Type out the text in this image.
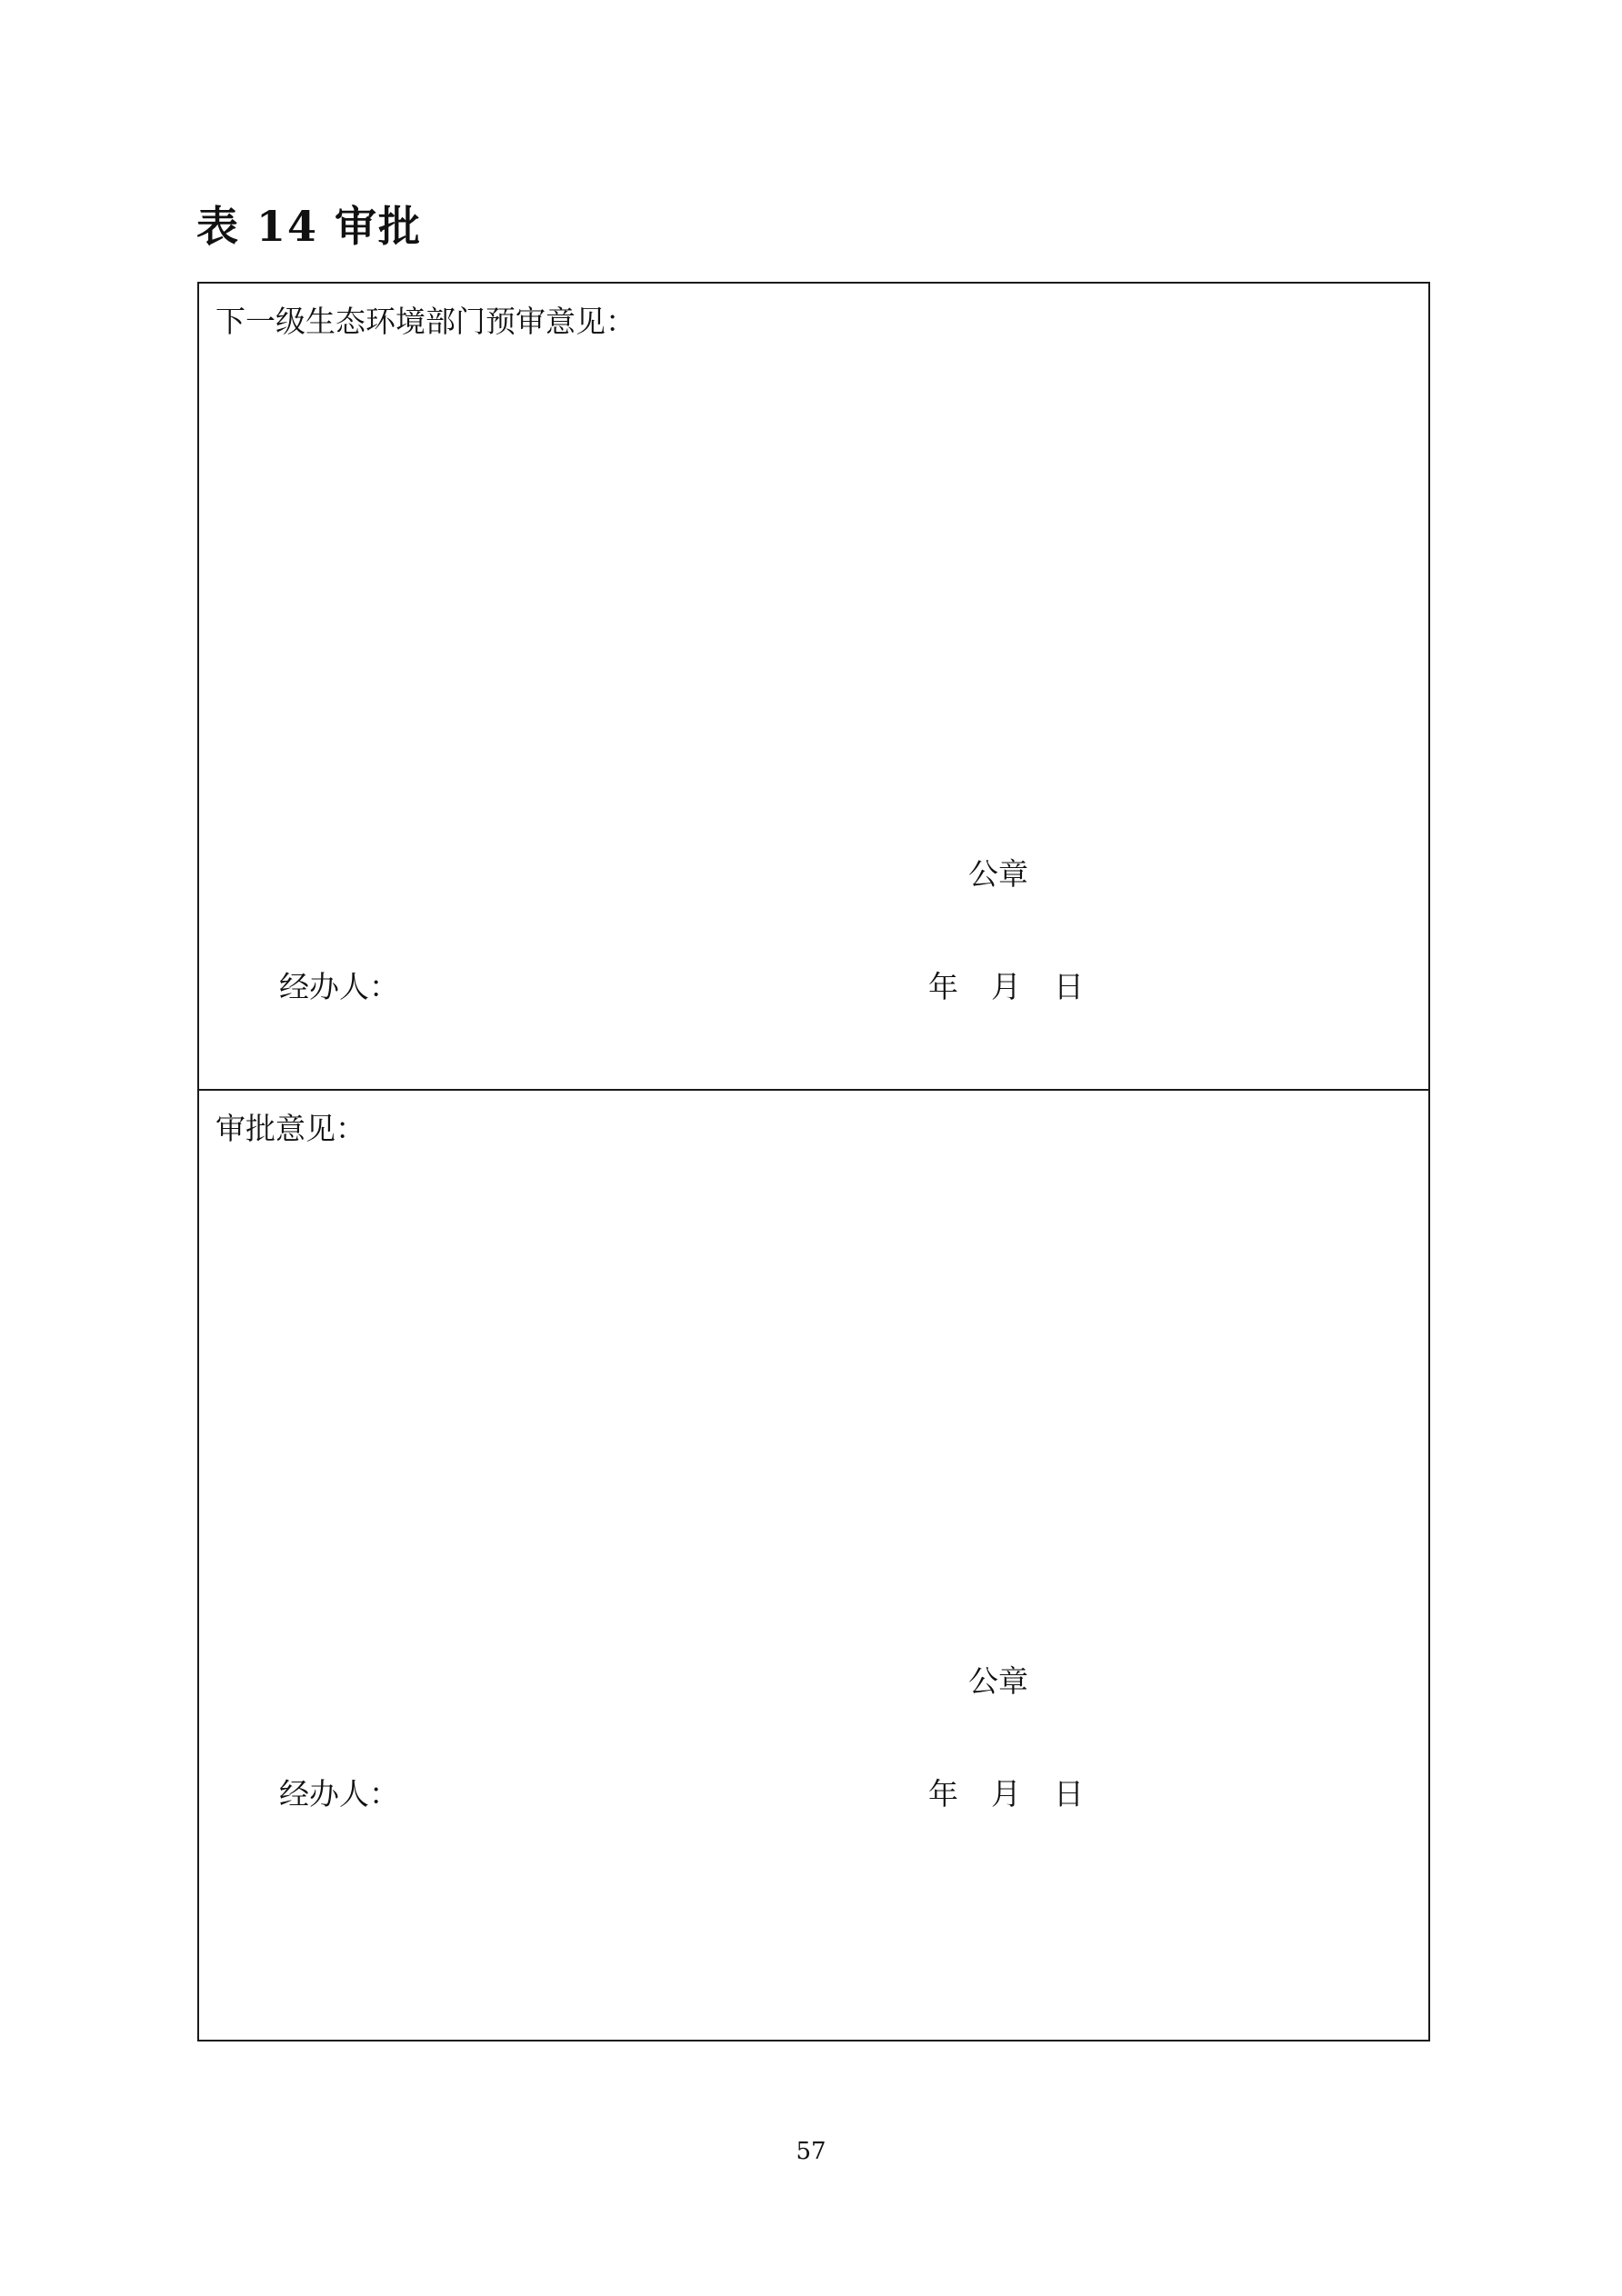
表 14 审批
下一级生态环境部门预审意见：
公章
经办人：	年 月 日
审批意见：
公章
经办人：	年 月 日
57
